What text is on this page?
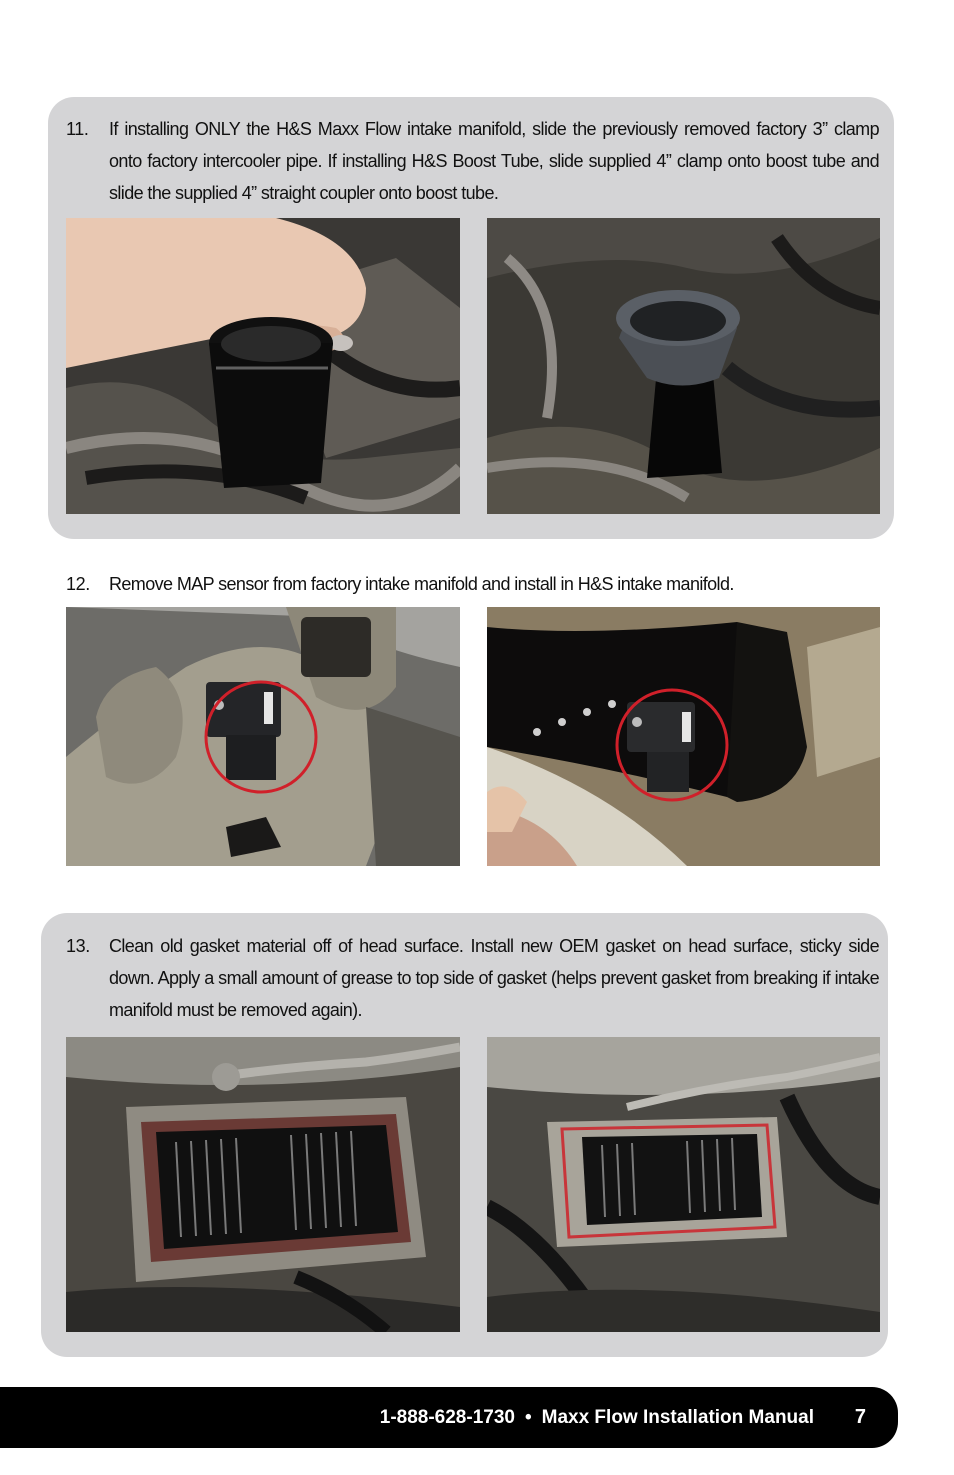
11. If installing ONLY the H&S Maxx Flow intake manifold, slide the previously removed factory 3” clamp onto factory intercooler pipe. If installing H&S Boost Tube, slide supplied 4” clamp onto boost tube and slide the supplied 4” straight coupler onto boost tube.
12. Remove MAP sensor from factory intake manifold and install in H&S intake manifold.
13. Clean old gasket material off of head surface. Install new OEM gasket on head surface, sticky side down. Apply a small amount of grease to top side of gasket (helps prevent gasket from breaking if intake manifold must be removed again).
1-888-628-1730 • Maxx Flow Installation Manual 7
